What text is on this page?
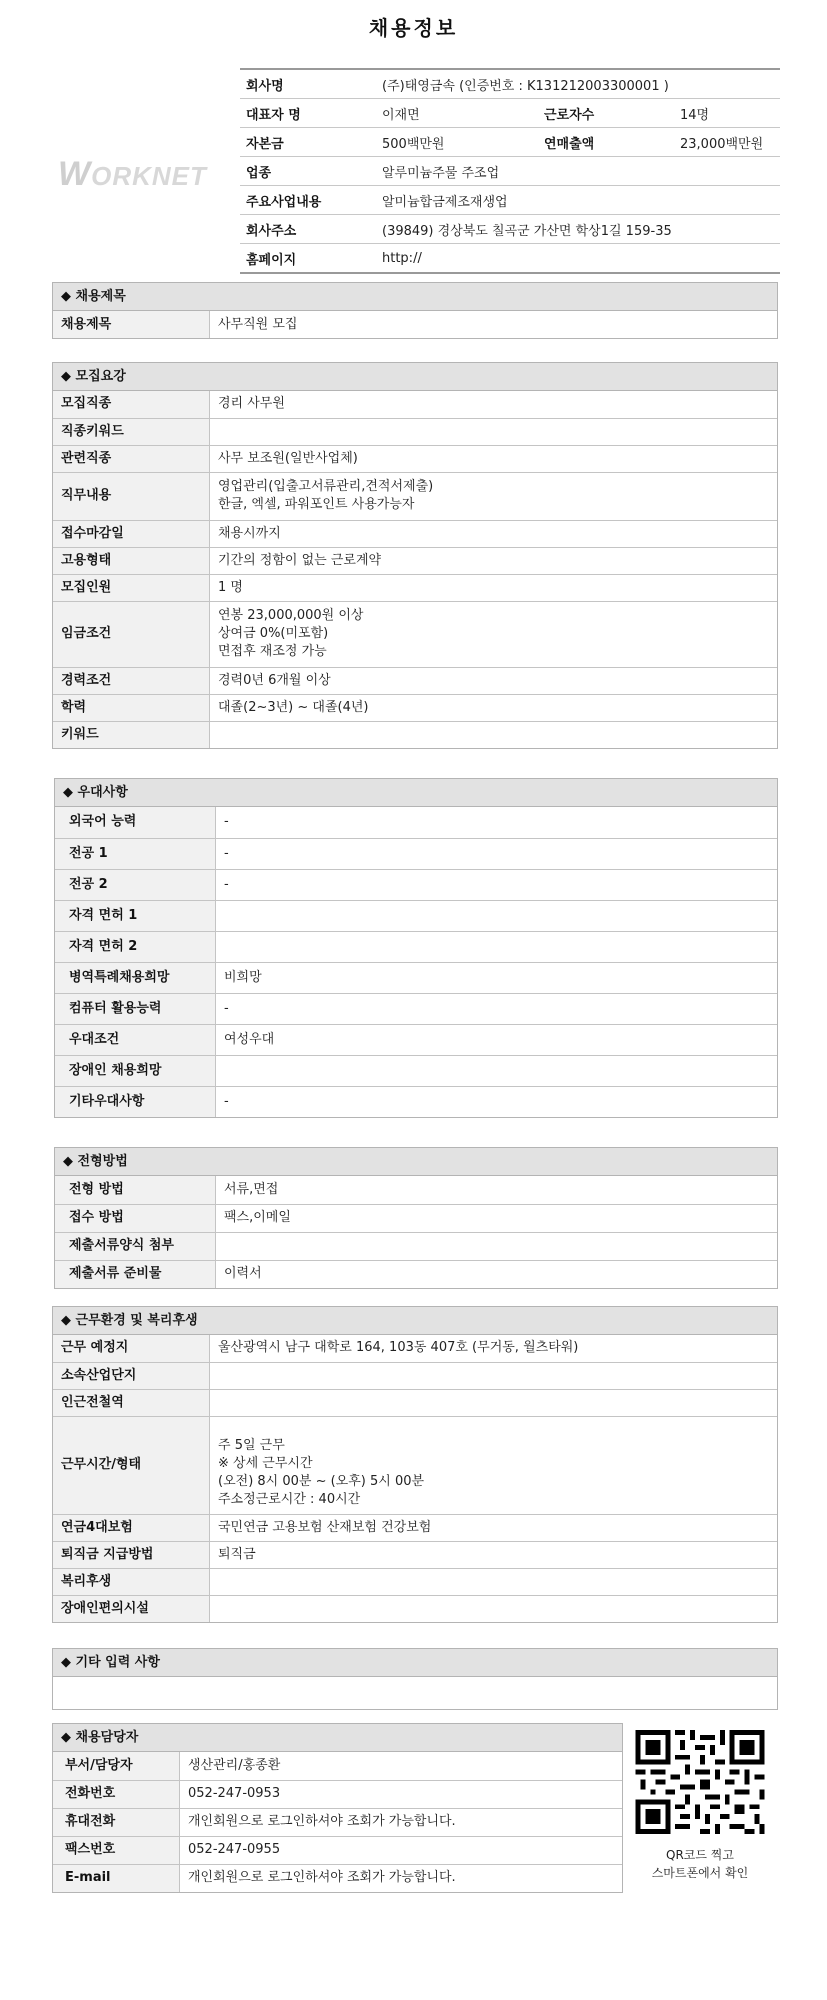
채용정보
WORKNET
회사명	(주)태영금속 (인증번호 : K131212003300001 )		
대표자 명	이재면	근로자수	14명
자본금	500백만원	연매출액	23,000백만원
업종	알루미늄주물 주조업		
주요사업내용	알미늄합금제조재생업		
회사주소	(39849) 경상북도 칠곡군 가산면 학상1길 159-35		
홈페이지	http://		
◆ 채용제목
채용제목	사무직원 모집
◆ 모집요강
모집직종	경리 사무원
직종키워드	
관련직종	사무 보조원(일반사업체)
직무내용	영업관리(입출고서류관리,견적서제출)
한글, 엑셀, 파워포인트 사용가능자
접수마감일	채용시까지
고용형태	기간의 정함이 없는 근로계약
모집인원	1 명
임금조건	연봉 23,000,000원 이상
상여금 0%(미포함)
면접후 재조정 가능
경력조건	경력0년 6개월 이상
학력	대졸(2~3년) ~ 대졸(4년)
키워드	
◆ 우대사항
외국어 능력	-
전공 1	-
전공 2	-
자격 면허 1	
자격 면허 2	
병역특례채용희망	비희망
컴퓨터 활용능력	-
우대조건	여성우대
장애인 채용희망	
기타우대사항	-
◆ 전형방법
전형 방법	서류,면접
접수 방법	팩스,이메일
제출서류양식 첨부	
제출서류 준비물	이력서
◆ 근무환경 및 복리후생
근무 예정지	울산광역시 남구 대학로 164, 103동 407호 (무거동, 월츠타워)
소속산업단지	
인근전철역	
근무시간/형태	주 5일 근무
※ 상세 근무시간
(오전) 8시 00분 ~ (오후) 5시 00분
주소정근로시간 : 40시간
연금4대보험	국민연금 고용보험 산재보험 건강보험
퇴직금 지급방법	퇴직금
복리후생	
장애인편의시설	
◆ 기타 입력 사항
◆ 채용담당자
부서/담당자	생산관리/홍종환
전화번호	052-247-0953
휴대전화	개인회원으로 로그인하셔야 조회가 가능합니다.
팩스번호	052-247-0955
E-mail	개인회원으로 로그인하셔야 조회가 가능합니다.
QR코드 찍고
스마트폰에서 확인
